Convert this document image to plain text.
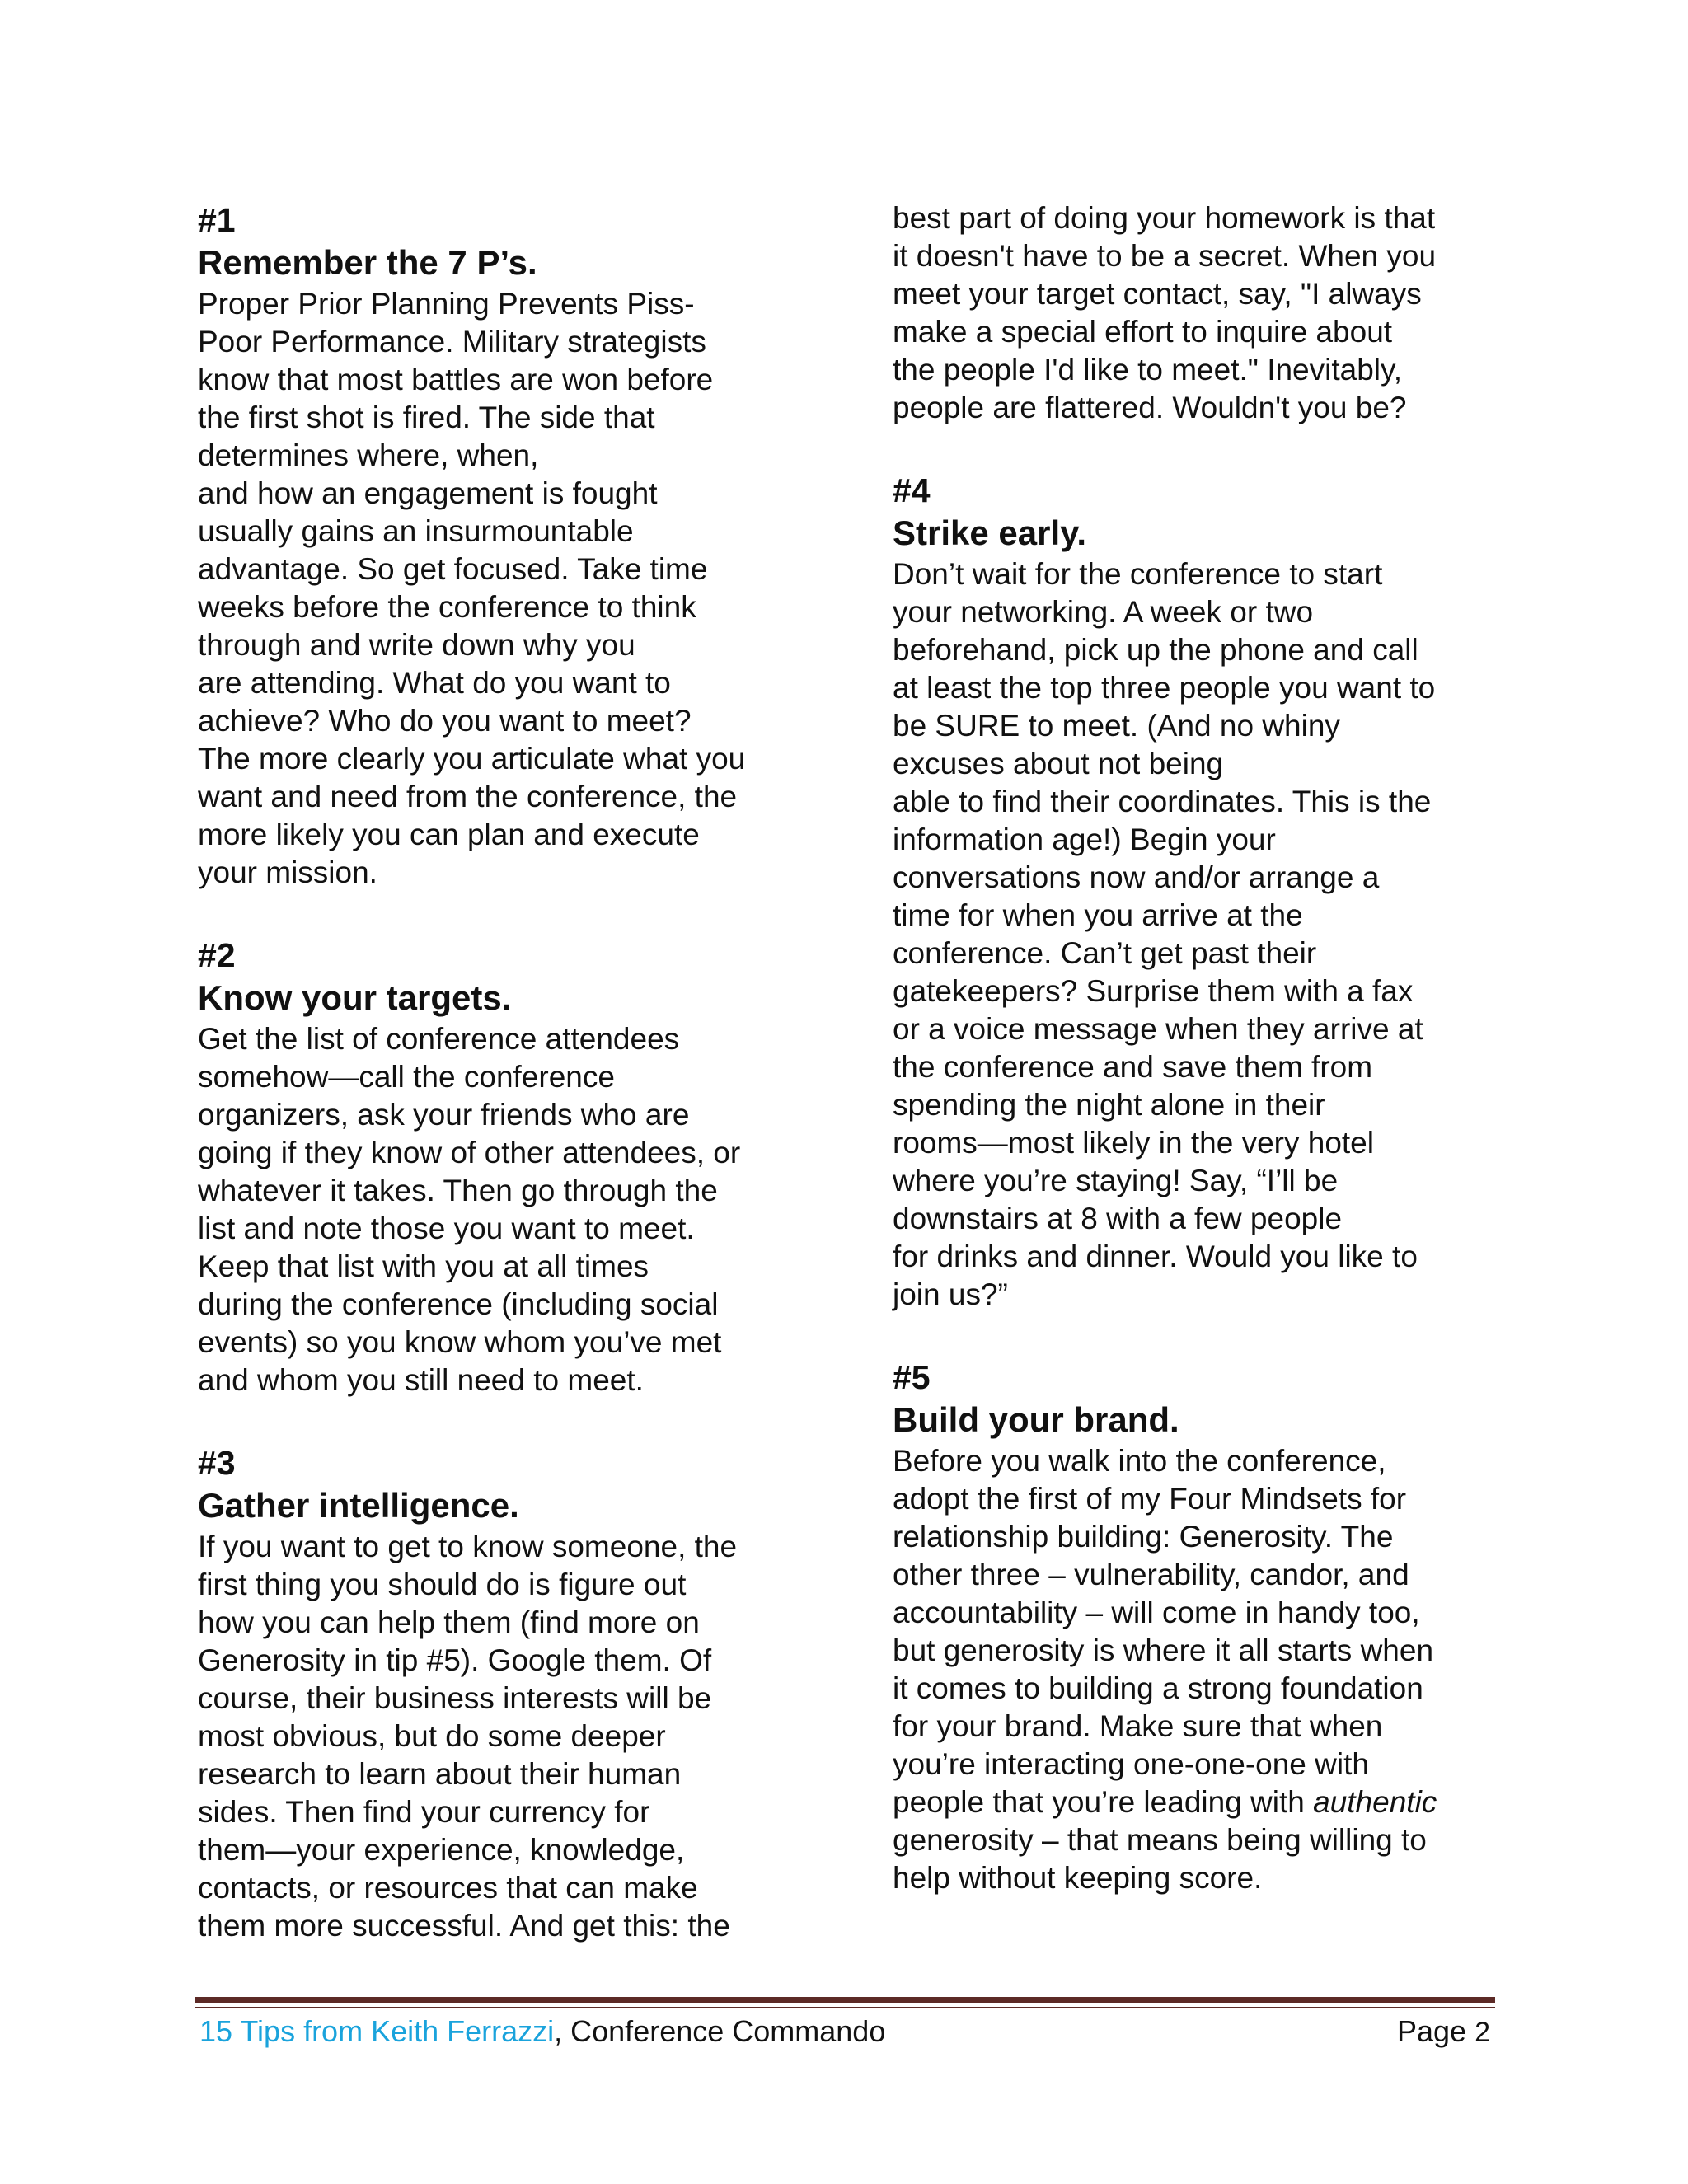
#1

Remember the 7 P’s.

Proper Prior Planning Prevents Piss-

Poor Performance. Military strategists

know that most battles are won before

the first shot is fired. The side that

determines where, when,

and how an engagement is fought

usually gains an insurmountable

advantage. So get focused. Take time

weeks before the conference to think

through and write down why you

are attending. What do you want to

achieve? Who do you want to meet?

The more clearly you articulate what you

want and need from the conference, the

more likely you can plan and execute

your mission.

#2

Know your targets.

Get the list of conference attendees

somehow—call the conference

organizers, ask your friends who are

going if they know of other attendees, or

whatever it takes. Then go through the

list and note those you want to meet.

Keep that list with you at all times

during the conference (including social

events) so you know whom you’ve met

and whom you still need to meet.

#3

Gather intelligence.

If you want to get to know someone, the

first thing you should do is figure out

how you can help them (find more on

Generosity in tip #5). Google them. Of

course, their business interests will be

most obvious, but do some deeper

research to learn about their human

sides. Then find your currency for

them—your experience, knowledge,

contacts, or resources that can make

them more successful. And get this: the

best part of doing your homework is that

it doesn't have to be a secret. When you

meet your target contact, say, "I always

make a special effort to inquire about

the people I'd like to meet." Inevitably,

people are flattered. Wouldn't you be?

#4

Strike early.

Don’t wait for the conference to start

your networking. A week or two

beforehand, pick up the phone and call

at least the top three people you want to

be SURE to meet. (And no whiny

excuses about not being

able to find their coordinates. This is the

information age!) Begin your

conversations now and/or arrange a

time for when you arrive at the

conference. Can’t get past their

gatekeepers? Surprise them with a fax

or a voice message when they arrive at

the conference and save them from

spending the night alone in their

rooms—most likely in the very hotel

where you’re staying! Say, “I’ll be

downstairs at 8 with a few people

for drinks and dinner. Would you like to

join us?”

#5

Build your brand.

Before you walk into the conference,

adopt the first of my Four Mindsets for

relationship building: Generosity. The

other three – vulnerability, candor, and

accountability – will come in handy too,

but generosity is where it all starts when

it comes to building a strong foundation

for your brand. Make sure that when

you’re interacting one-one-one with

people that you’re leading with authentic

generosity – that means being willing to

help without keeping score.

15 Tips from Keith Ferrazzi, Conference Commando	Page 2
